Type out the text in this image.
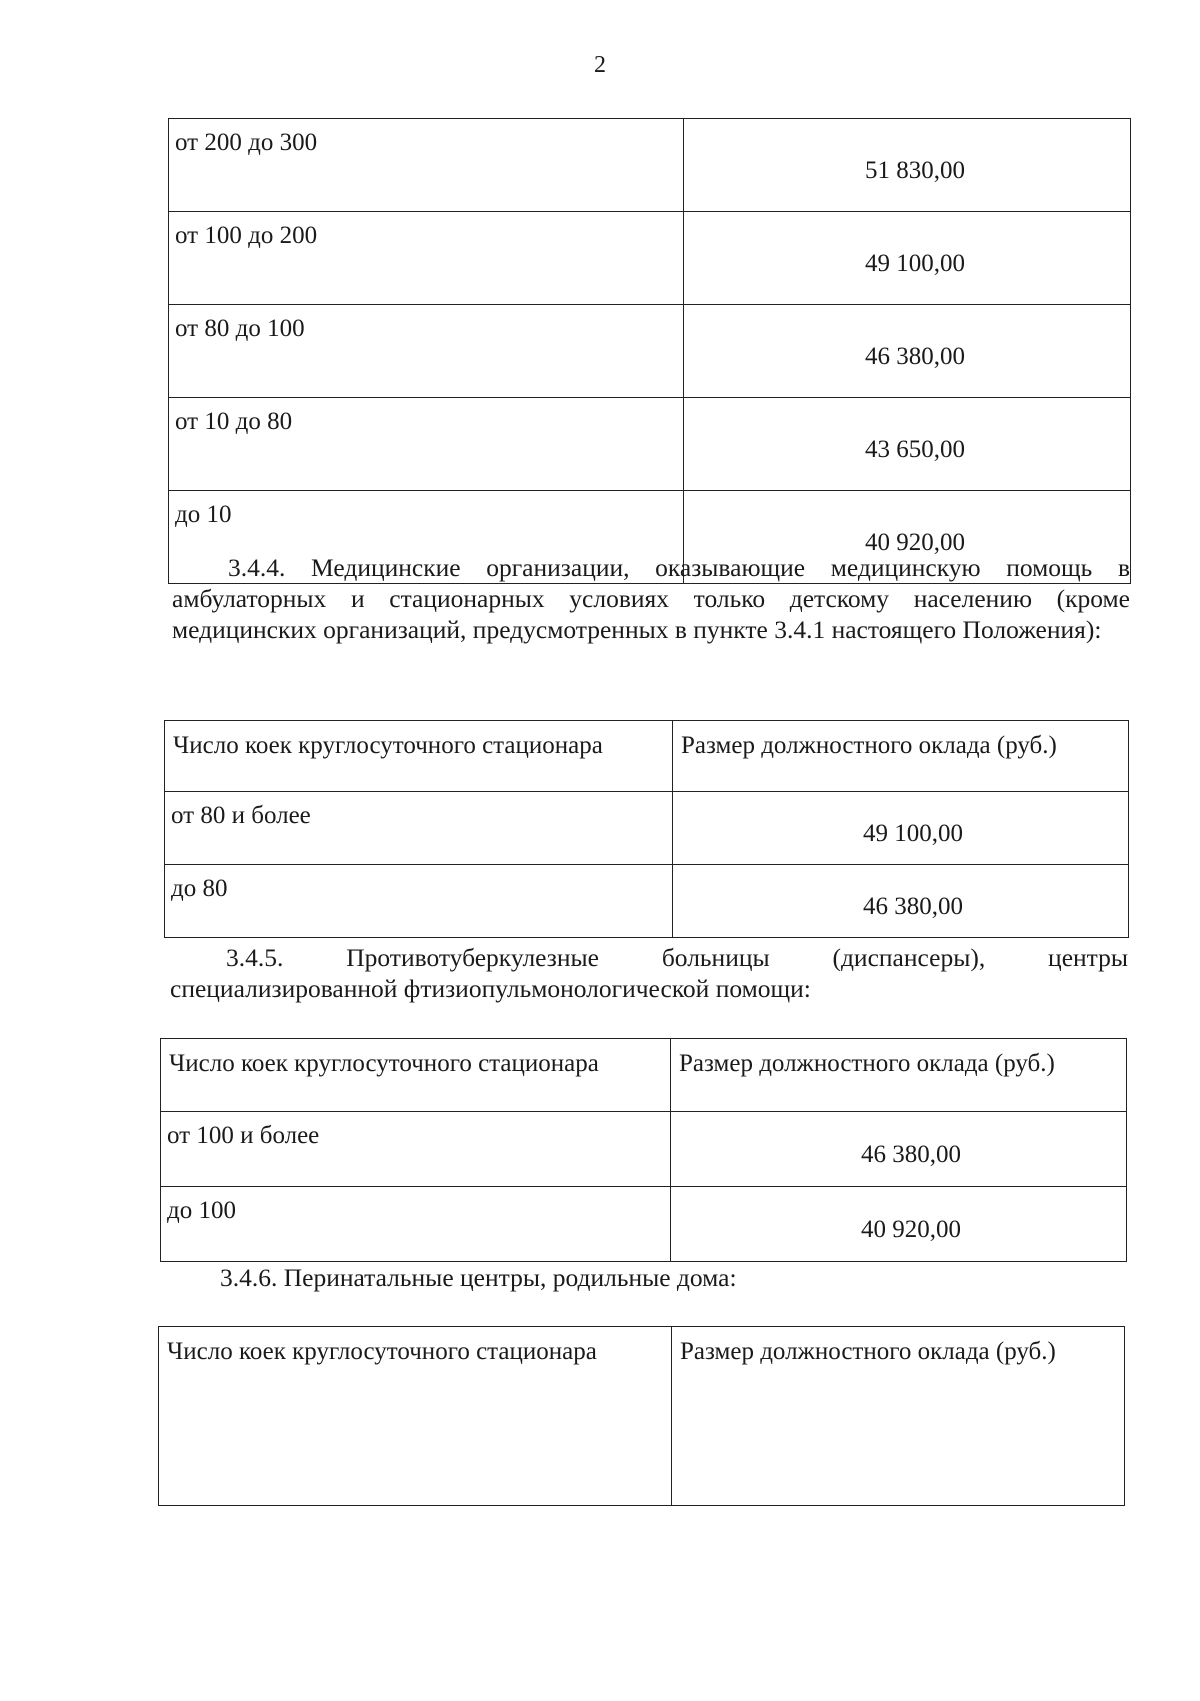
2
от 200 до 300	51 830,00
от 100 до 200	49 100,00
от 80 до 100	46 380,00
от 10 до 80	43 650,00
до 10	40 920,00
3.4.4. Медицинские организации, оказывающие медицинскую помощь в амбулаторных и стационарных условиях только детскому населению (кроме медицинских организаций, предусмотренных в пункте 3.4.1 настоящего Положения):
Число коек круглосуточного стационара	Размер должностного оклада (руб.)
от 80 и более	49 100,00
до 80	46 380,00
3.4.5. Противотуберкулезные больницы (диспансеры), центры специализированной фтизиопульмонологической помощи:
Число коек круглосуточного стационара	Размер должностного оклада (руб.)
от 100 и более	46 380,00
до 100	40 920,00
3.4.6. Перинатальные центры, родильные дома:
Число коек круглосуточного стационара	Размер должностного оклада (руб.)
